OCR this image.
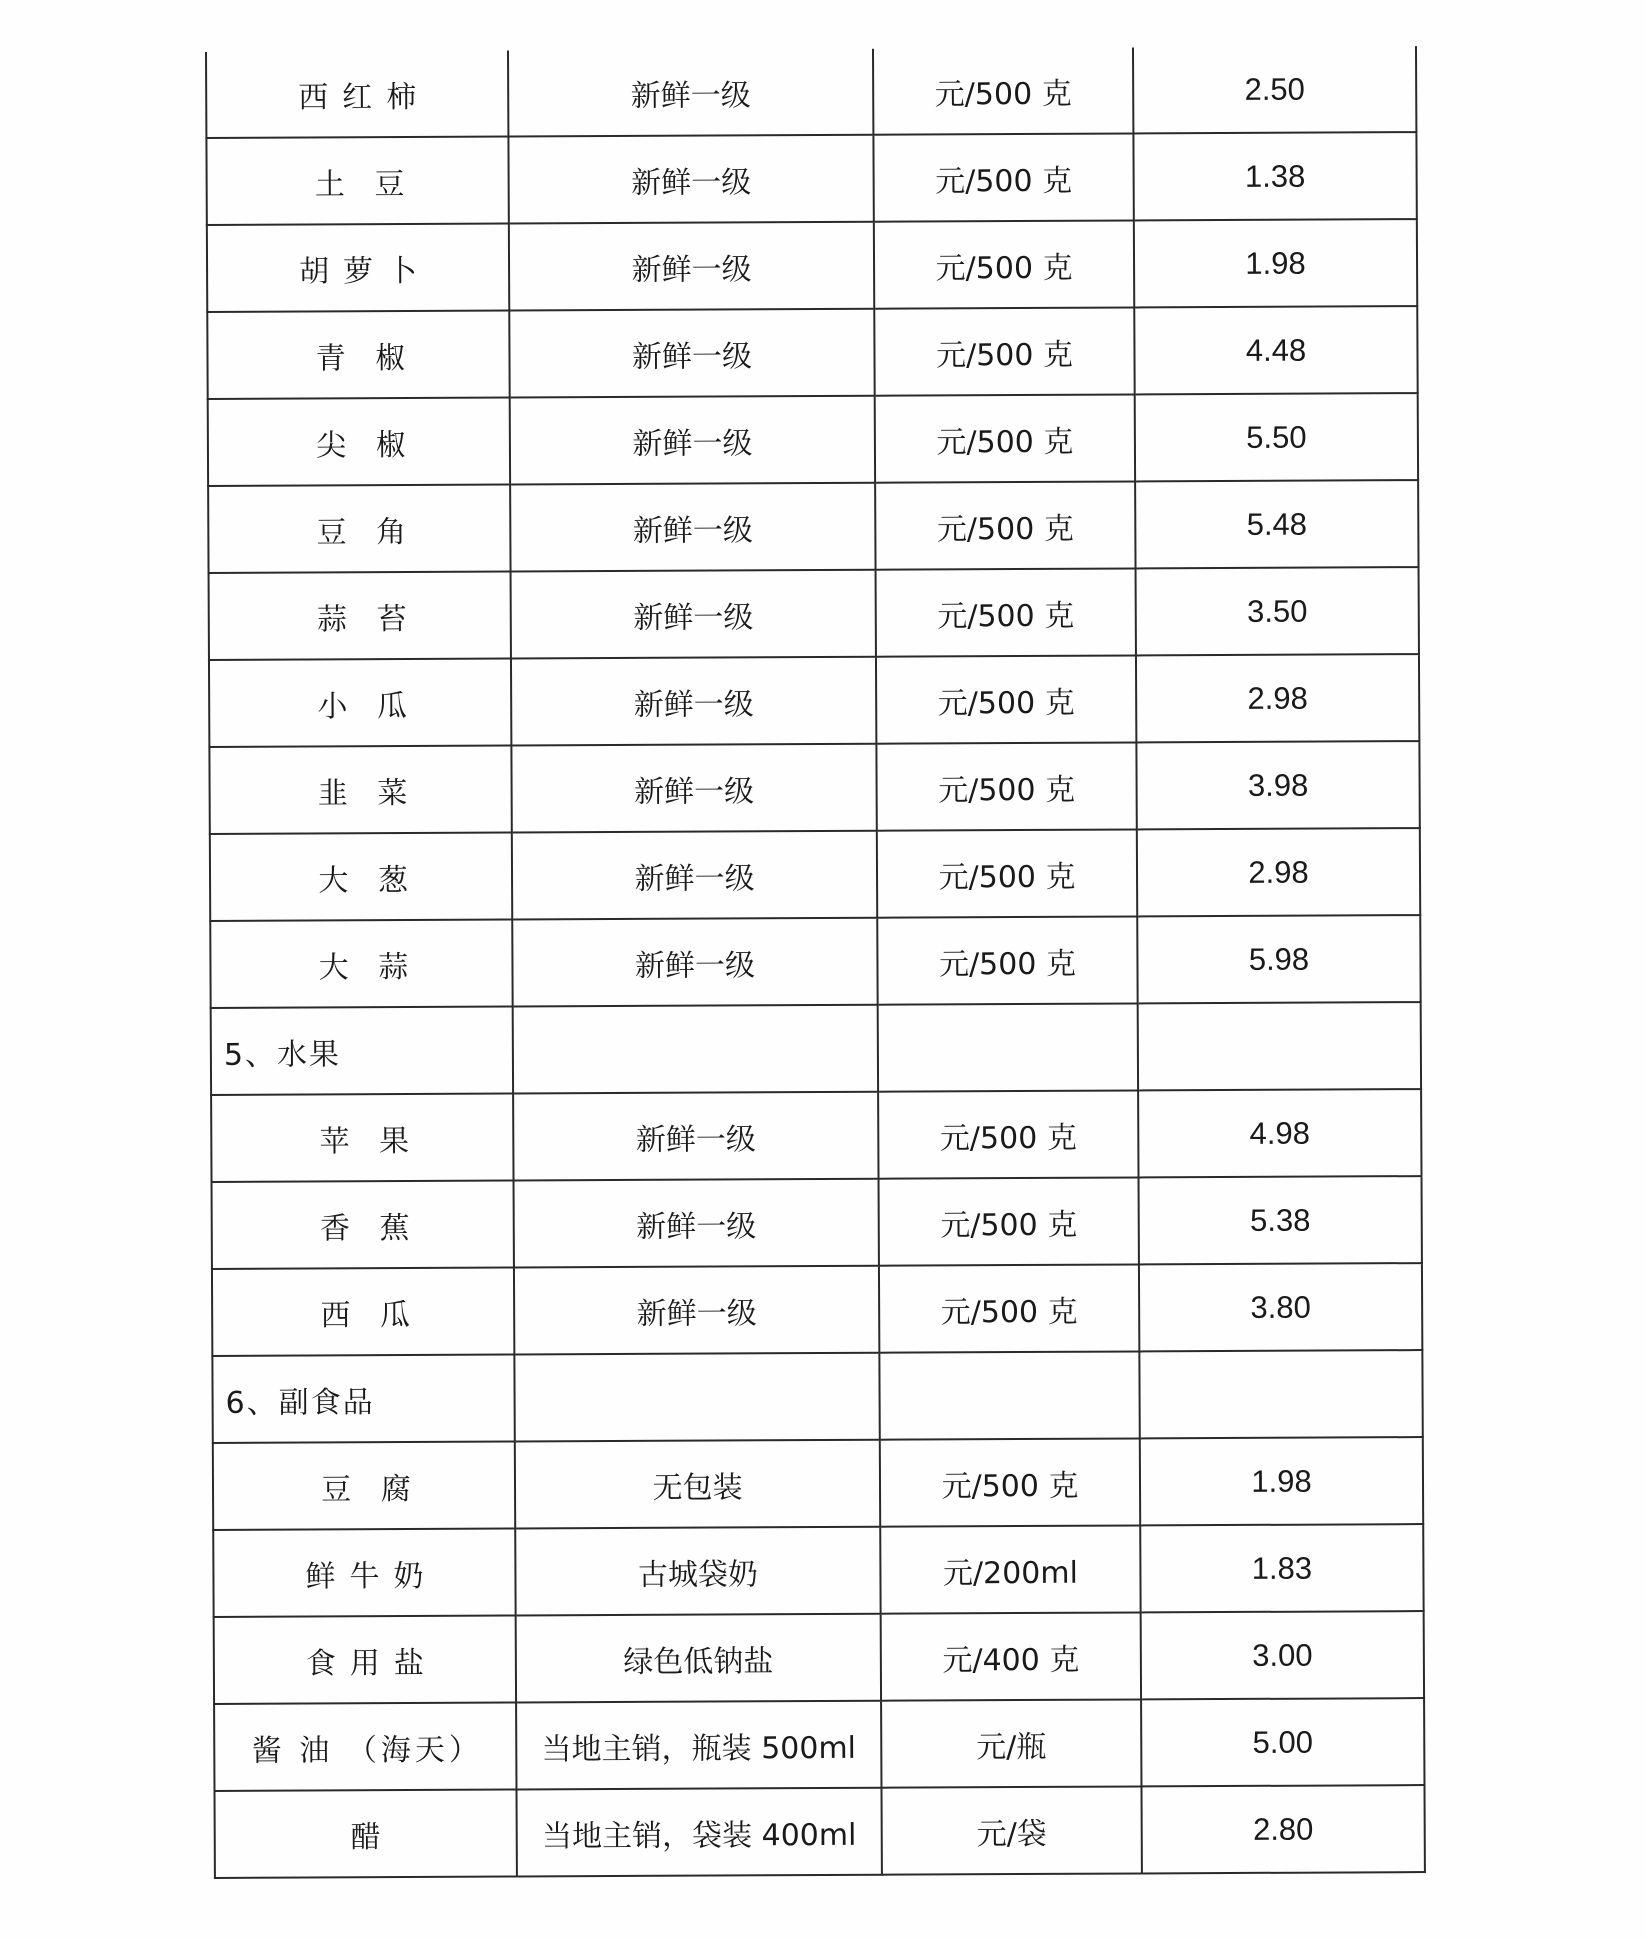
西红柿	新鲜一级	元/500 克	2.50
土 豆	新鲜一级	元/500 克	1.38
胡萝卜	新鲜一级	元/500 克	1.98
青 椒	新鲜一级	元/500 克	4.48
尖 椒	新鲜一级	元/500 克	5.50
豆 角	新鲜一级	元/500 克	5.48
蒜 苔	新鲜一级	元/500 克	3.50
小 瓜	新鲜一级	元/500 克	2.98
韭 菜	新鲜一级	元/500 克	3.98
大 葱	新鲜一级	元/500 克	2.98
大 蒜	新鲜一级	元/500 克	5.98
5、水果			
苹 果	新鲜一级	元/500 克	4.98
香 蕉	新鲜一级	元/500 克	5.38
西 瓜	新鲜一级	元/500 克	3.80
6、副食品			
豆 腐	无包装	元/500 克	1.98
鲜牛奶	古城袋奶	元/200ml	1.83
食用盐	绿色低钠盐	元/400 克	3.00
酱 油 （海天）	当地主销，瓶装 500ml	元/瓶	5.00
醋	当地主销，袋装 400ml	元/袋	2.80
